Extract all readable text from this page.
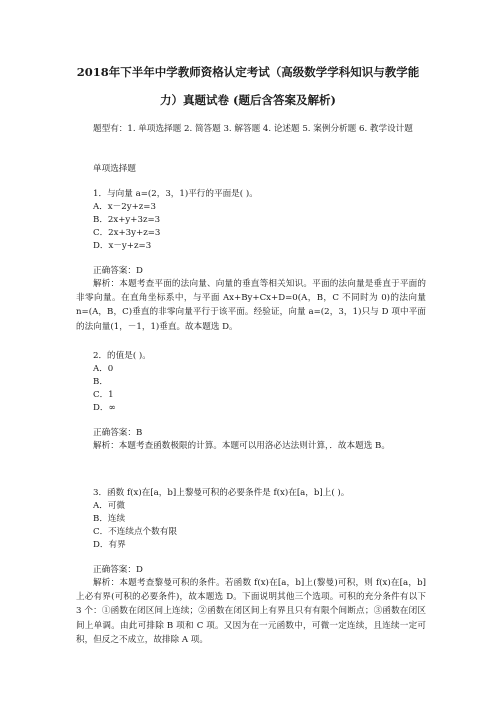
2018年下半年中学教师资格认定考试（高级数学学科知识与教学能
力）真题试卷 (题后含答案及解析)
题型有：1. 单项选择题 2. 简答题 3. 解答题 4. 论述题 5. 案例分析题 6. 教学设计题
单项选择题
1．与向量 a=(2，3，1)平行的平面是( )。
A．x－2y+z=3
B．2x+y+3z=3
C．2x+3y+z=3
D．x－y+z=3
正确答案：D
解析：本题考查平面的法向量、向量的垂直等相关知识。平面的法向量是垂直于平面的非零向量。在直角坐标系中，与平面 Ax+By+Cx+D=0(A，B，C 不同时为 0)的法向量 n=(A，B，C)垂直的非零向量平行于该平面。经验证，向量 a=(2，3，1)只与 D 项中平面的法向量(1，－1，1)垂直。故本题选 D。
2．的值是( )。
A．0
B．
C．1
D．∞
正确答案：B
解析：本题考查函数极限的计算。本题可以用洛必达法则计算，．故本题选 B。
3．函数 f(x)在[a，b]上黎曼可积的必要条件是 f(x)在[a，b]上( )。
A．可微
B．连续
C．不连续点个数有限
D．有界
正确答案：D
解析：本题考查黎曼可积的条件。若函数 f(x)在[a，b]上(黎曼)可积，则 f(x)在[a，b]上必有界(可积的必要条件)，故本题选 D。下面说明其他三个选项。可积的充分条件有以下 3 个：①函数在闭区间上连续；②函数在闭区间上有界且只有有限个间断点；③函数在闭区间上单调。由此可排除 B 项和 C 项。又因为在一元函数中，可微一定连续，且连续一定可积，但反之不成立，故排除 A 项。
